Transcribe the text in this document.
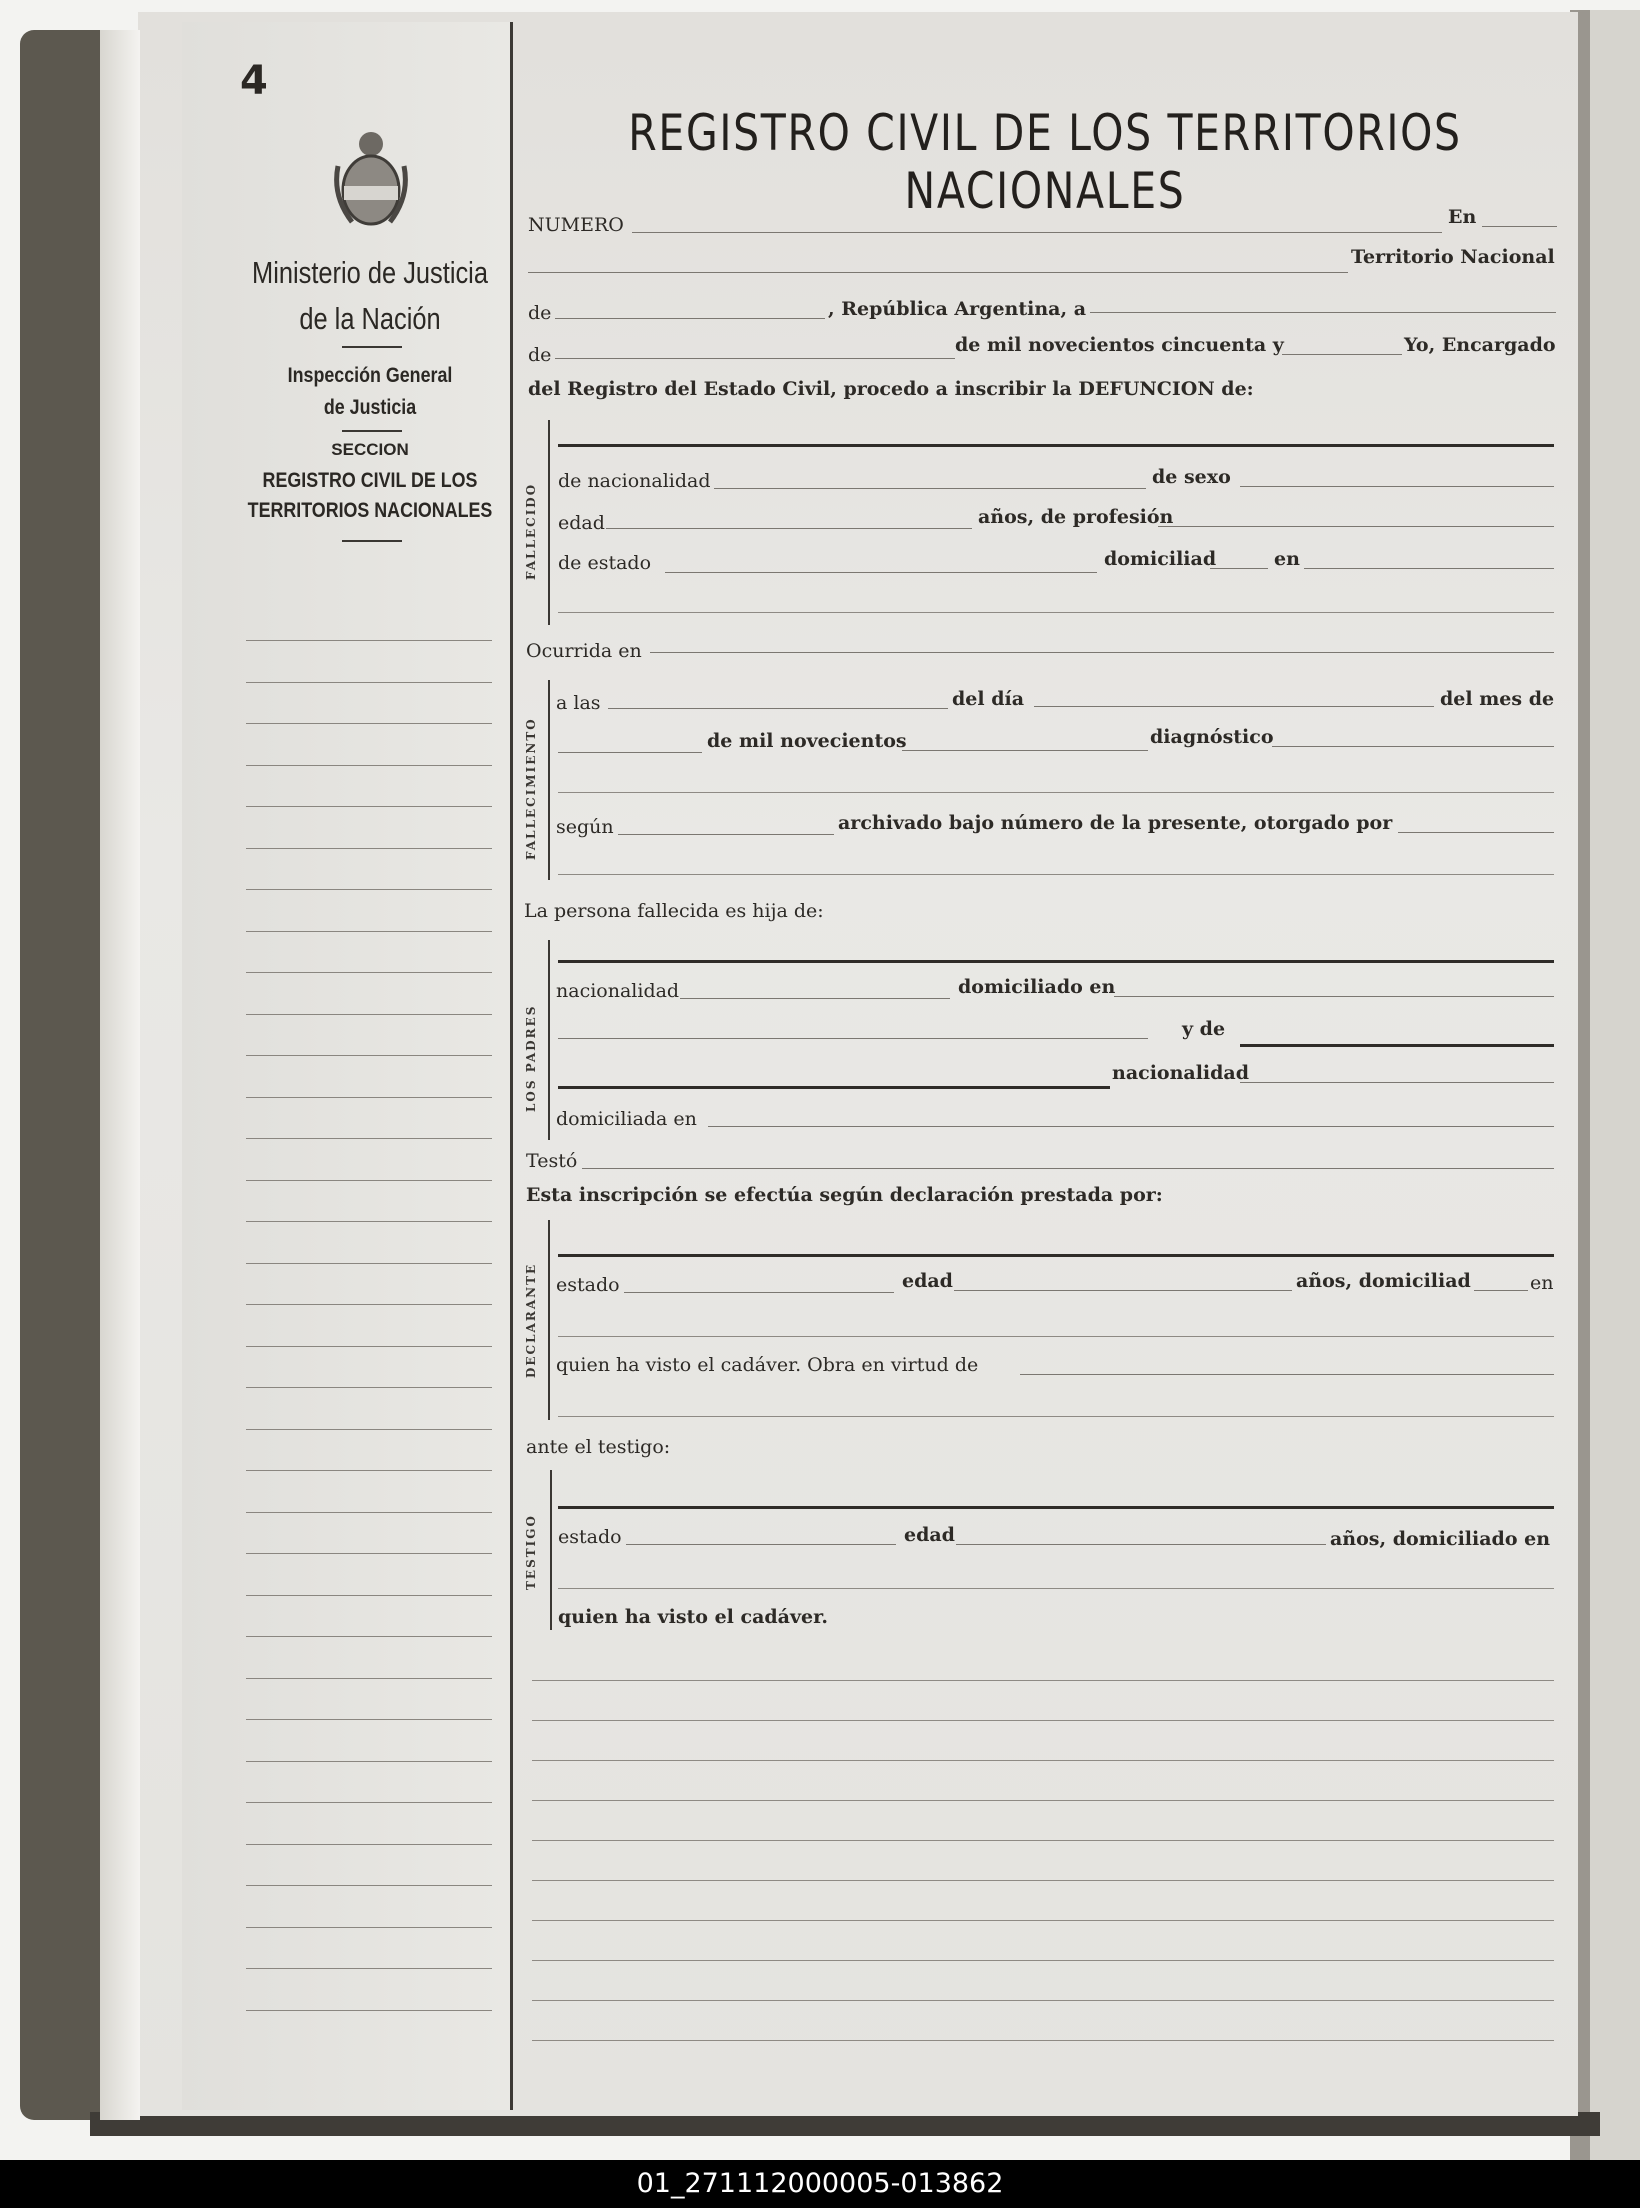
4
Ministerio de Justicia
de la Nación
Inspección General
de Justicia
SECCION
REGISTRO CIVIL DE LOS
TERRITORIOS NACIONALES
REGISTRO CIVIL DE LOS TERRITORIOS NACIONALES
NUMERO	En
Territorio Nacional
de	, República Argentina, a
de	de mil novecientos cincuenta y	Yo, Encargado
del Registro del Estado Civil, procedo a inscribir la DEFUNCION de:
FALLECIDO
de nacionalidad	de sexo
edad	años, de profesión
de estado	domiciliad	en
Ocurrida en
FALLECIMIENTO
a las	del día	del mes de
de mil novecientos	diagnóstico
según	archivado bajo número de la presente, otorgado por
La persona fallecida es hija de:
LOS PADRES
nacionalidad	domiciliado en
y de
nacionalidad
domiciliada en
Testó
Esta inscripción se efectúa según declaración prestada por:
DECLARANTE estado	edad	años, domiciliad	en
quien ha visto el cadáver. Obra en virtud de
ante el testigo:
TESTIGO estado	edad	años, domiciliado en
quien ha visto el cadáver.
01_271112000005-013862
